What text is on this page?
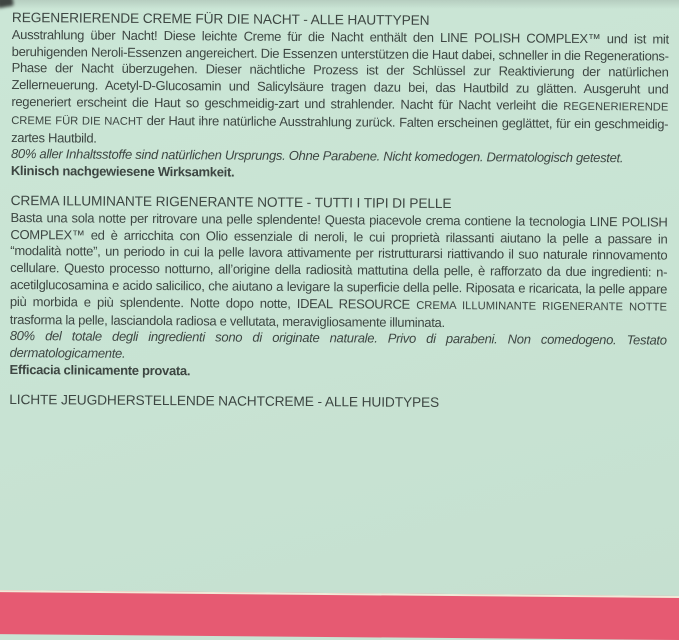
REGENERIERENDE CREME FÜR DIE NACHT - ALLE HAUTTYPEN

Ausstrahlung über Nacht! Diese leichte Creme für die Nacht enthält den LINE POLISH COMPLEX™ und ist mit beruhigenden Neroli-Essenzen angereichert. Die Essenzen unterstützen die Haut dabei, schneller in die Regenerations-Phase der Nacht überzugehen. Dieser nächtliche Prozess ist der Schlüssel zur Reaktivierung der natürlichen Zellerneuerung. Acetyl-D-Glucosamin und Salicylsäure tragen dazu bei, das Hautbild zu glätten. Ausgeruht und regeneriert erscheint die Haut so geschmeidig-zart und strahlender. Nacht für Nacht verleiht die REGENERIERENDE CREME FÜR DIE NACHT der Haut ihre natürliche Ausstrahlung zurück. Falten erscheinen geglättet, für ein geschmeidig-zartes Hautbild.

80% aller Inhaltsstoffe sind natürlichen Ursprungs. Ohne Parabene. Nicht komedogen. Dermatologisch getestet.

Klinisch nachgewiesene Wirksamkeit.

CREMA ILLUMINANTE RIGENERANTE NOTTE - TUTTI I TIPI DI PELLE

Basta una sola notte per ritrovare una pelle splendente! Questa piacevole crema contiene la tecnologia LINE POLISH COMPLEX™ ed è arricchita con Olio essenziale di neroli, le cui proprietà rilassanti aiutano la pelle a passare in “modalità notte”, un periodo in cui la pelle lavora attivamente per ristrutturarsi riattivando il suo naturale rinnovamento cellulare. Questo processo notturno, all’origine della radiosità mattutina della pelle, è rafforzato da due ingredienti: n-acetilglucosamina e acido salicilico, che aiutano a levigare la superficie della pelle. Riposata e ricaricata, la pelle appare più morbida e più splendente. Notte dopo notte, IDEAL RESOURCE CREMA ILLUMINANTE RIGENERANTE NOTTE trasforma la pelle, lasciandola radiosa e vellutata, meravigliosamente illuminata.

80% del totale degli ingredienti sono di originate naturale. Privo di parabeni. Non comedogeno. Testato dermatologicamente.

Efficacia clinicamente provata.

LICHTE JEUGDHERSTELLENDE NACHTCREME - ALLE HUIDTYPES
